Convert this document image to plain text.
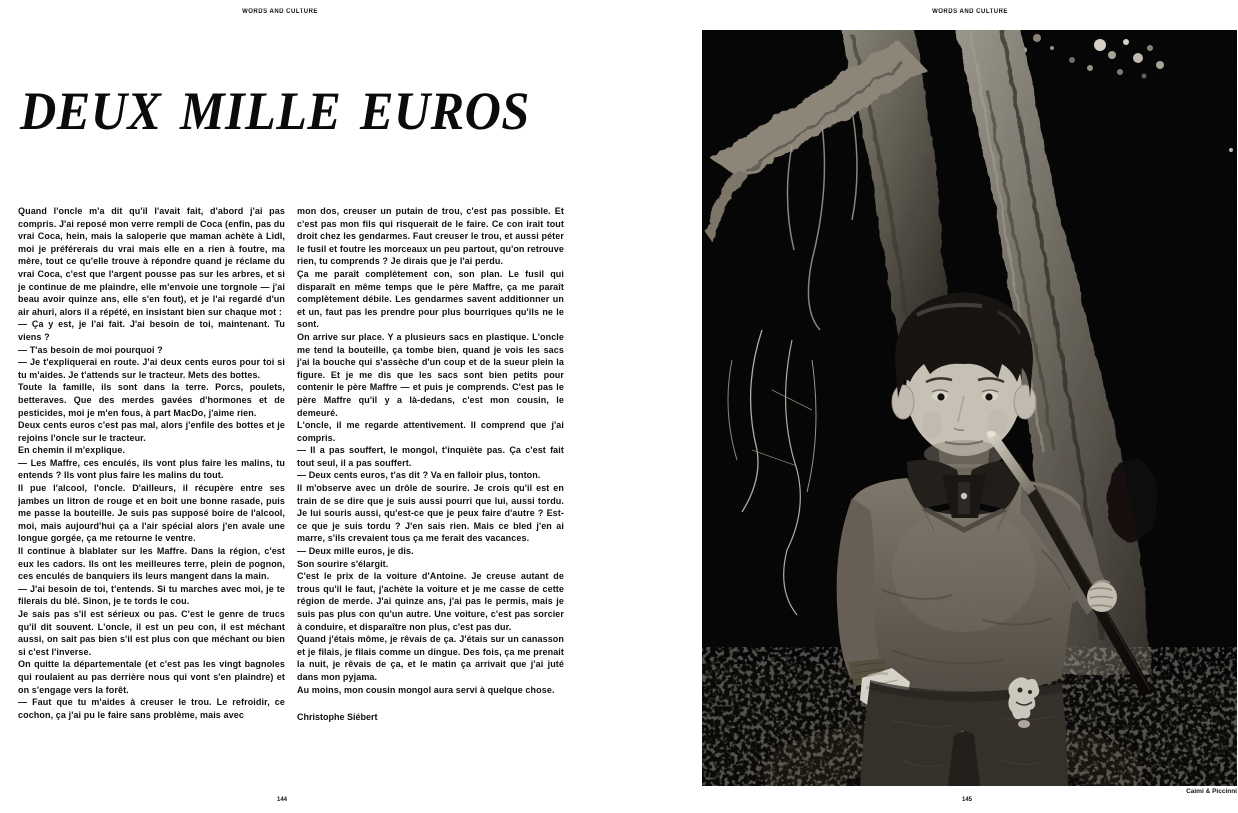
WORDS AND CULTURE
DEUX MILLE EUROS

Quand l'oncle m'a dit qu'il l'avait fait, d'abord j'ai pas compris. J'ai reposé mon verre rempli de Coca (enfin, pas du vrai Coca, hein, mais la saloperie que maman achète à Lidl, moi je préférerais du vrai mais elle en a rien à foutre, ma mère, tout ce qu'elle trouve à répondre quand je réclame du vrai Coca, c'est que l'argent pousse pas sur les arbres, et si je continue de me plaindre, elle m'envoie une torgnole — j'ai beau avoir quinze ans, elle s'en fout), et je l'ai regardé d'un air ahuri, alors il a répété, en insistant bien sur chaque mot :

— Ça y est, je l'ai fait. J'ai besoin de toi, maintenant. Tu viens ?

— T'as besoin de moi pourquoi ?

— Je t'expliquerai en route. J'ai deux cents euros pour toi si tu m'aides. Je t'attends sur le tracteur. Mets des bottes.

Toute la famille, ils sont dans la terre. Porcs, poulets, betteraves. Que des merdes gavées d'hormones et de pesticides, moi je m'en fous, à part MacDo, j'aime rien.

Deux cents euros c'est pas mal, alors j'enfile des bottes et je rejoins l'oncle sur le tracteur.

En chemin il m'explique.

— Les Maffre, ces enculés, ils vont plus faire les malins, tu entends ? Ils vont plus faire les malins du tout.

Il pue l'alcool, l'oncle. D'ailleurs, il récupère entre ses jambes un litron de rouge et en boit une bonne rasade, puis me passe la bouteille. Je suis pas supposé boire de l'alcool, moi, mais aujourd'hui ça a l'air spécial alors j'en avale une longue gorgée, ça me retourne le ventre.

Il continue à blablater sur les Maffre. Dans la région, c'est eux les cadors. Ils ont les meilleures terre, plein de pognon, ces enculés de banquiers ils leurs mangent dans la main.

— J'ai besoin de toi, t'entends. Si tu marches avec moi, je te filerais du blé. Sinon, je te tords le cou.

Je sais pas s'il est sérieux ou pas. C'est le genre de trucs qu'il dit souvent. L'oncle, il est un peu con, il est méchant aussi, on sait pas bien s'il est plus con que méchant ou bien si c'est l'inverse.

On quitte la départementale (et c'est pas les vingt bagnoles qui roulaient au pas derrière nous qui vont s'en plaindre) et on s'engage vers la forêt.

— Faut que tu m'aides à creuser le trou. Le refroidir, ce cochon, ça j'ai pu le faire sans problème, mais avec

mon dos, creuser un putain de trou, c'est pas possible. Et c'est pas mon fils qui risquerait de le faire. Ce con irait tout droit chez les gendarmes. Faut creuser le trou, et aussi péter le fusil et foutre les morceaux un peu partout, qu'on retrouve rien, tu comprends ? Je dirais que je l'ai perdu.

Ça me paraît complètement con, son plan. Le fusil qui disparaît en même temps que le père Maffre, ça me paraît complètement débile. Les gendarmes savent additionner un et un, faut pas les prendre pour plus bourriques qu'ils ne le sont.

On arrive sur place. Y a plusieurs sacs en plastique. L'oncle me tend la bouteille, ça tombe bien, quand je vois les sacs j'ai la bouche qui s'assèche d'un coup et de la sueur plein la figure. Et je me dis que les sacs sont bien petits pour contenir le père Maffre — et puis je comprends. C'est pas le père Maffre qu'il y a là-dedans, c'est mon cousin, le demeuré.

L'oncle, il me regarde attentivement. Il comprend que j'ai compris.

— Il a pas souffert, le mongol, t'inquiète pas. Ça c'est fait tout seul, il a pas souffert.

— Deux cents euros, t'as dit ? Va en falloir plus, tonton.

Il m'observe avec un drôle de sourire. Je crois qu'il est en train de se dire que je suis aussi pourri que lui, aussi tordu. Je lui souris aussi, qu'est-ce que je peux faire d'autre ? Est-ce que je suis tordu ? J'en sais rien. Mais ce bled j'en ai marre, s'ils crevaient tous ça me ferait des vacances.

— Deux mille euros, je dis.

Son sourire s'élargit.

C'est le prix de la voiture d'Antoine. Je creuse autant de trous qu'il le faut, j'achète la voiture et je me casse de cette région de merde. J'ai quinze ans, j'ai pas le permis, mais je suis pas plus con qu'un autre. Une voiture, c'est pas sorcier à conduire, et disparaître non plus, c'est pas dur.

Quand j'étais môme, je rêvais de ça. J'étais sur un canasson et je filais, je filais comme un dingue. Des fois, ça me prenait la nuit, je rêvais de ça, et le matin ça arrivait que j'ai juté dans mon pyjama.

Au moins, mon cousin mongol aura servi à quelque chose.

Christophe Siébert
144
WORDS AND CULTURE
Caimi & Piccinni
145
